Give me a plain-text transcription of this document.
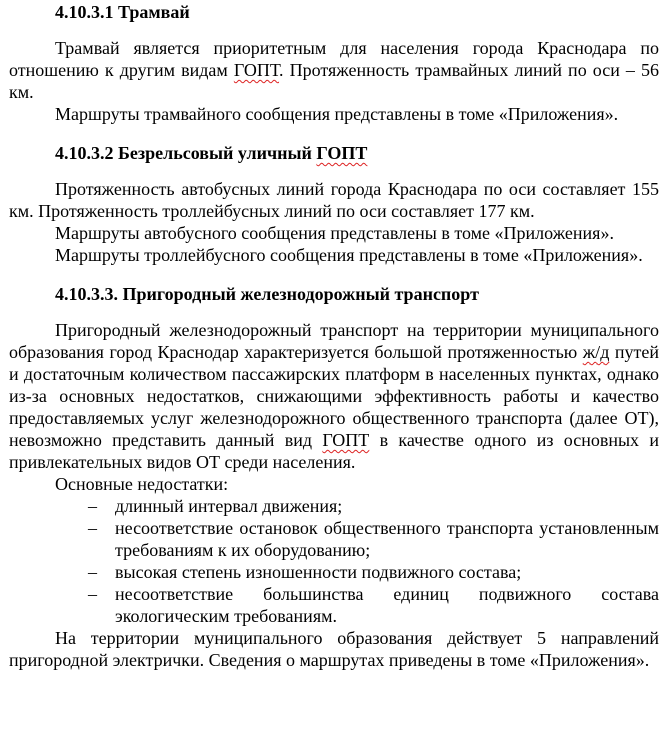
4.10.3.1 Трамвай

Трамвай является приоритетным для населения города Краснодара по отношению к другим видам ГОПТ. Протяженность трамвайных линий по оси – 56 км.

Маршруты трамвайного сообщения представлены в томе «Приложения».

4.10.3.2 Безрельсовый уличный ГОПТ

Протяженность автобусных линий города Краснодара по оси составляет 155 км. Протяженность троллейбусных линий по оси составляет 177 км.

Маршруты автобусного сообщения представлены в томе «Приложения».

Маршруты троллейбусного сообщения представлены в томе «Приложения».

4.10.3.3. Пригородный железнодорожный транспорт

Пригородный железнодорожный транспорт на территории муниципального образования город Краснодар характеризуется большой протяженностью ж/д путей и достаточным количеством пассажирских платформ в населенных пунктах, однако из-за основных недостатков, снижающими эффективность работы и качество предоставляемых услуг железнодорожного общественного транспорта (далее ОТ), невозможно представить данный вид ГОПТ в качестве одного из основных и привлекательных видов ОТ среди населения.

Основные недостатки:

– длинный интервал движения;
– несоответствие остановок общественного транспорта установленным требованиям к их оборудованию;
– высокая степень изношенности подвижного состава;
– несоответствие большинства единиц подвижного состава экологическим требованиям.

На территории муниципального образования действует 5 направлений пригородной электрички. Сведения о маршрутах приведены в томе «Приложения».
